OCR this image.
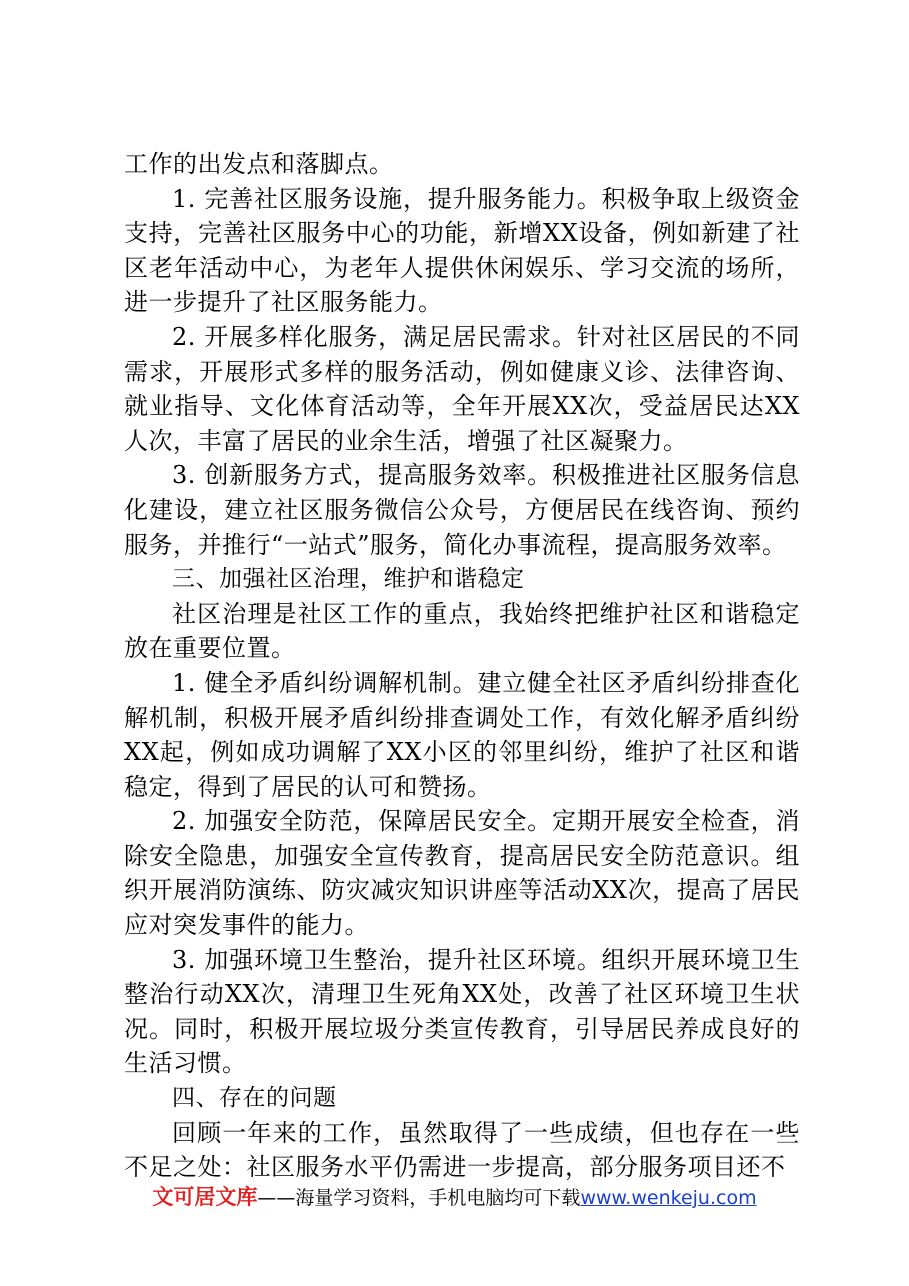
工作的出发点和落脚点。

1. 完善社区服务设施，提升服务能力。积极争取上级资金支持，完善社区服务中心的功能，新增XX设备，例如新建了社区老年活动中心，为老年人提供休闲娱乐、学习交流的场所，进一步提升了社区服务能力。

2. 开展多样化服务，满足居民需求。针对社区居民的不同需求，开展形式多样的服务活动，例如健康义诊、法律咨询、就业指导、文化体育活动等，全年开展XX次，受益居民达XX人次，丰富了居民的业余生活，增强了社区凝聚力。

3. 创新服务方式，提高服务效率。积极推进社区服务信息化建设，建立社区服务微信公众号，方便居民在线咨询、预约服务，并推行“一站式”服务，简化办事流程，提高服务效率。

三、加强社区治理，维护和谐稳定

社区治理是社区工作的重点，我始终把维护社区和谐稳定放在重要位置。

1. 健全矛盾纠纷调解机制。建立健全社区矛盾纠纷排查化解机制，积极开展矛盾纠纷排查调处工作，有效化解矛盾纠纷XX起，例如成功调解了XX小区的邻里纠纷，维护了社区和谐稳定，得到了居民的认可和赞扬。

2. 加强安全防范，保障居民安全。定期开展安全检查，消除安全隐患，加强安全宣传教育，提高居民安全防范意识。组织开展消防演练、防灾减灾知识讲座等活动XX次，提高了居民应对突发事件的能力。

3. 加强环境卫生整治，提升社区环境。组织开展环境卫生整治行动XX次，清理卫生死角XX处，改善了社区环境卫生状况。同时，积极开展垃圾分类宣传教育，引导居民养成良好的生活习惯。

四、存在的问题

回顾一年来的工作，虽然取得了一些成绩，但也存在一些不足之处：社区服务水平仍需进一步提高，部分服务项目还不

文可居文库——海量学习资料，手机电脑均可下载www.wenkeju.com
